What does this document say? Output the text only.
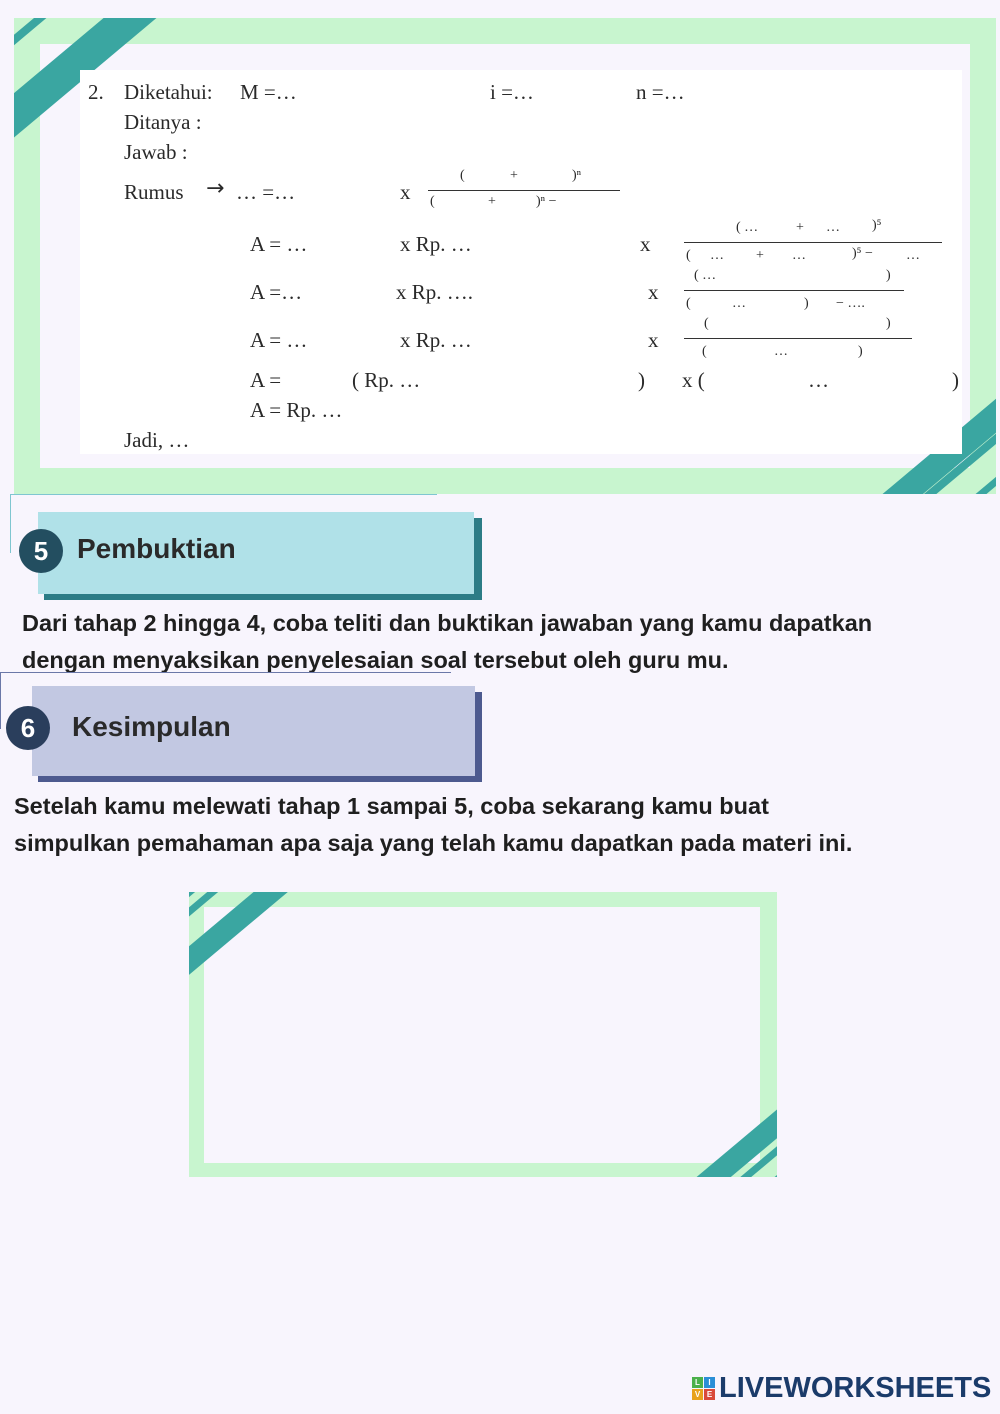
2. Diketahui: M =…	i =…	n =…
Ditanya :
Jawab :
Rumus → … =…	x
(	+	)ⁿ
(	+	)ⁿ −
A = …	x Rp. …	x
( …	+ … )⁵
( … + …	)⁵ − …
A =…	x Rp. ….	x
( …	)
(	…	) − ….
A = …	x Rp. …	x
(	)
(	…	)
A =	( Rp. …	) x (	…	)
A = Rp. …
Jadi, …
5	Pembuktian
Dari tahap 2 hingga 4, coba teliti dan buktikan jawaban yang kamu dapatkan
dengan menyaksikan penyelesaian soal tersebut oleh guru mu.
6	Kesimpulan
Setelah kamu melewati tahap 1 sampai 5, coba sekarang kamu buat
simpulkan pemahaman apa saja yang telah kamu dapatkan pada materi ini.
L	I
V E LIVEWORKSHEETS
